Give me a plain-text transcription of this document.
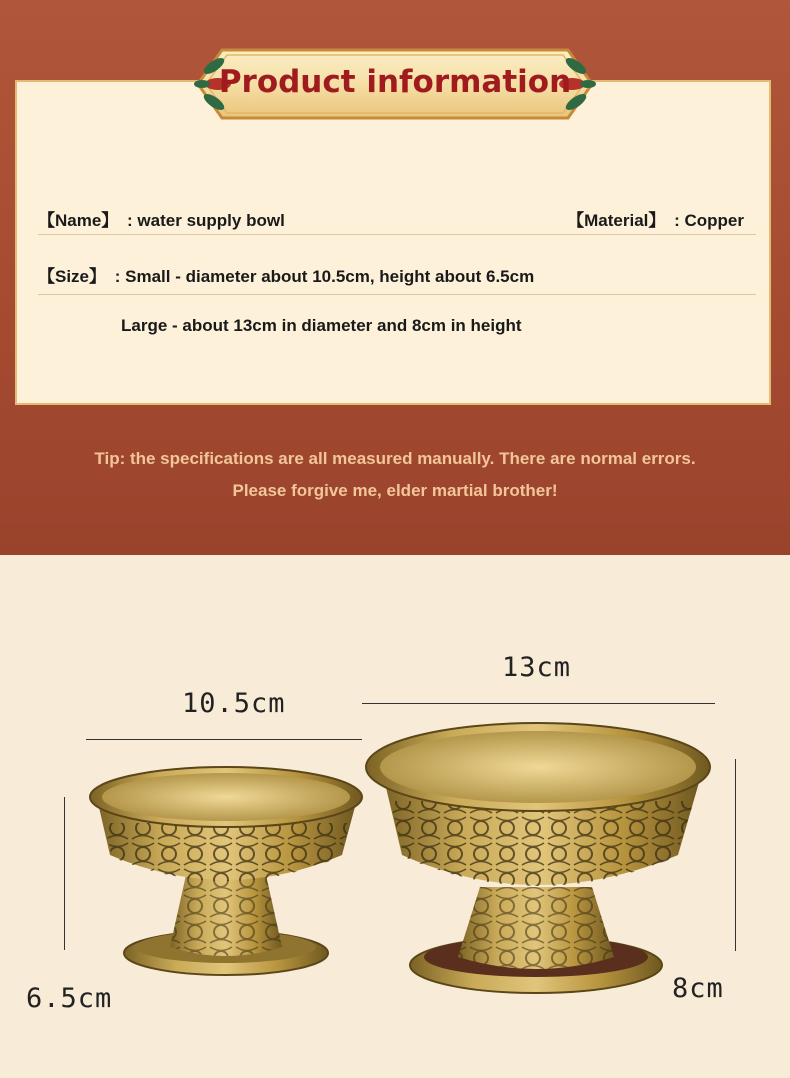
Product information
【Name】 : water supply bowl	【Material】 : Copper
【Size】 : Small - diameter about 10.5cm, height about 6.5cm
Large - about 13cm in diameter and 8cm in height
Tip: the specifications are all measured manually. There are normal errors.
Please forgive me, elder martial brother!
10.5cm
13cm
6.5cm	8cm
